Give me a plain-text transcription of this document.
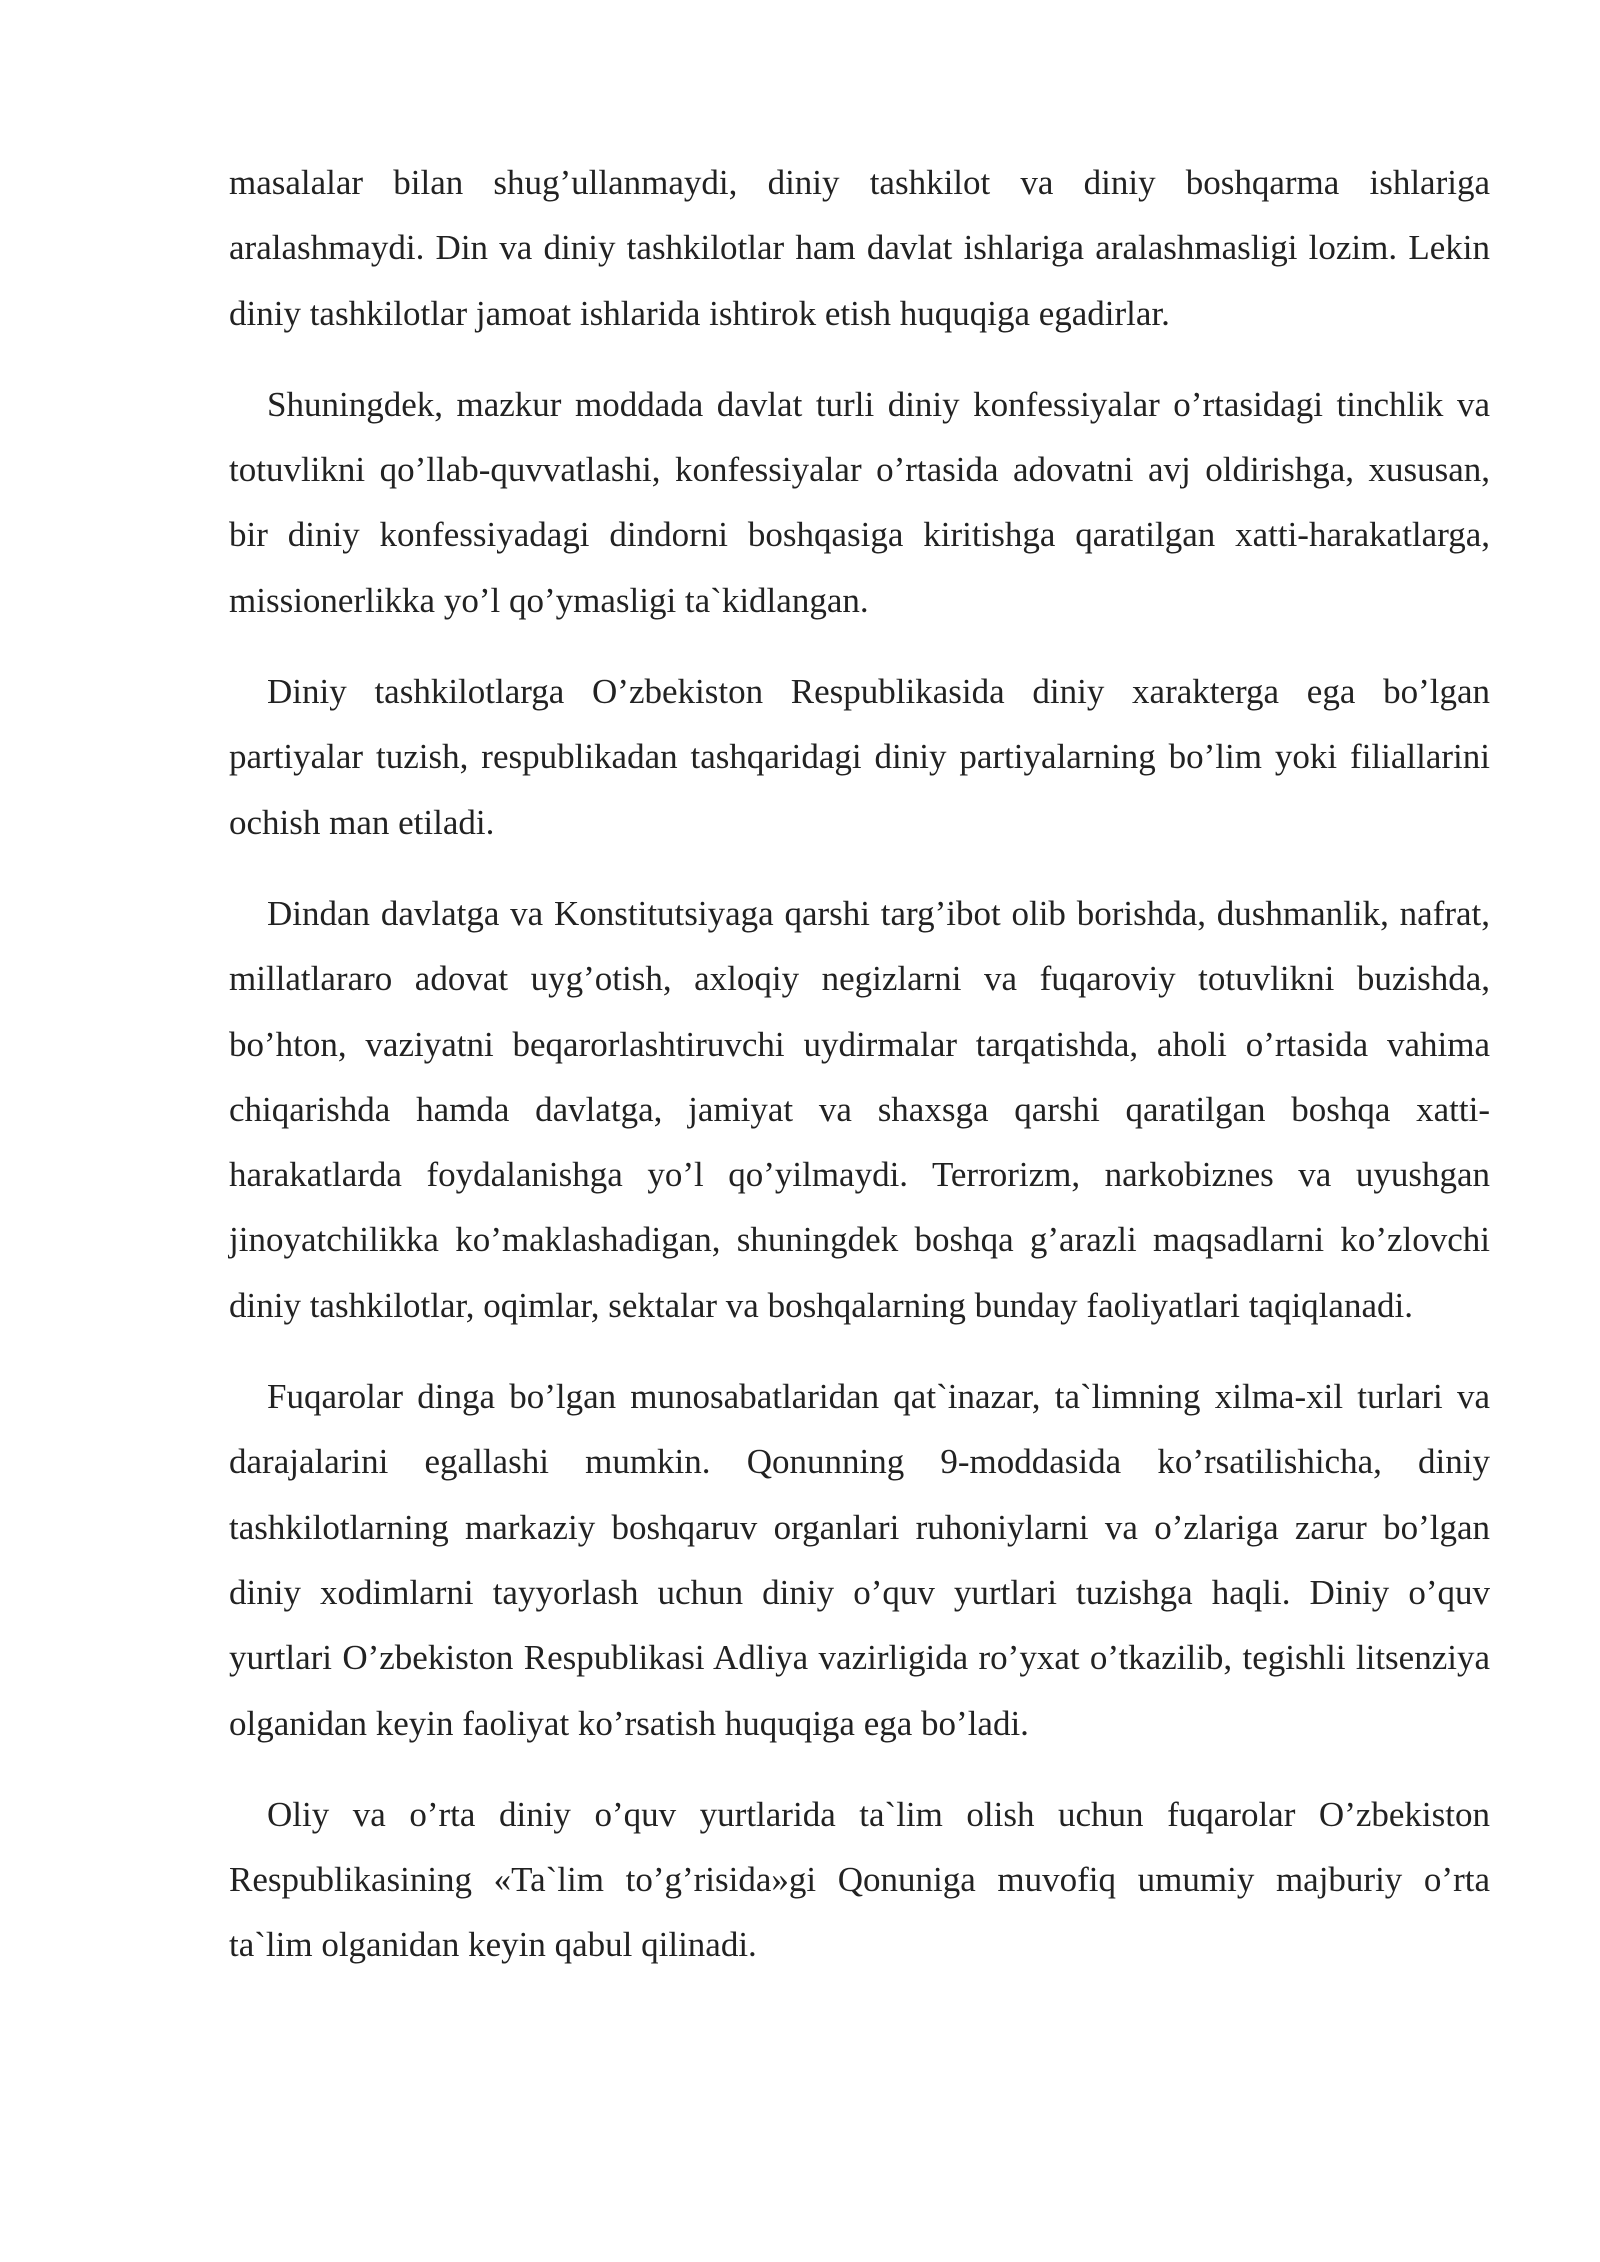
masalalar bilan shug’ullanmaydi, diniy tashkilot va diniy boshqarma ishlariga aralashmaydi. Din va diniy tashkilotlar ham davlat ishlariga aralashmasligi lozim. Lekin diniy tashkilotlar jamoat ishlarida ishtirok etish huquqiga egadirlar.

Shuningdek, mazkur moddada davlat turli diniy konfessiyalar o’rtasidagi tinchlik va totuvlikni qo’llab-quvvatlashi, konfessiyalar o’rtasida adovatni avj oldirishga, xususan, bir diniy konfessiyadagi dindorni boshqasiga kiritishga qaratilgan xatti-harakatlarga, missionerlikka yo’l qo’ymasligi ta`kidlangan.

Diniy tashkilotlarga O’zbekiston Respublikasida diniy xarakterga ega bo’lgan partiyalar tuzish, respublikadan tashqaridagi diniy partiyalarning bo’lim yoki filiallarini ochish man etiladi.

Dindan davlatga va Konstitutsiyaga qarshi targ’ibot olib borishda, dushmanlik, nafrat, millatlararo adovat uyg’otish, axloqiy negizlarni va fuqaroviy totuvlikni buzishda, bo’hton, vaziyatni beqarorlashtiruvchi uydirmalar tarqatishda, aholi o’rtasida vahima chiqarishda hamda davlatga, jamiyat va shaxsga qarshi qaratilgan boshqa xatti-harakatlarda foydalanishga yo’l qo’yilmaydi. Terrorizm, narkobiznes va uyushgan jinoyatchilikka ko’maklashadigan, shuningdek boshqa g’arazli maqsadlarni ko’zlovchi diniy tashkilotlar, oqimlar, sektalar va boshqalarning bunday faoliyatlari taqiqlanadi.

Fuqarolar dinga bo’lgan munosabatlaridan qat`inazar, ta`limning xilma-xil turlari va darajalarini egallashi mumkin. Qonunning 9-moddasida ko’rsatilishicha, diniy tashkilotlarning markaziy boshqaruv organlari ruhoniylarni va o’zlariga zarur bo’lgan diniy xodimlarni tayyorlash uchun diniy o’quv yurtlari tuzishga haqli. Diniy o’quv yurtlari O’zbekiston Respublikasi Adliya vazirligida ro’yxat o’tkazilib, tegishli litsenziya olganidan keyin faoliyat ko’rsatish huquqiga ega bo’ladi.

Oliy va o’rta diniy o’quv yurtlarida ta`lim olish uchun fuqarolar O’zbekiston Respublikasining «Ta`lim to’g’risida»gi Qonuniga muvofiq umumiy majburiy o’rta ta`lim olganidan keyin qabul qilinadi.
